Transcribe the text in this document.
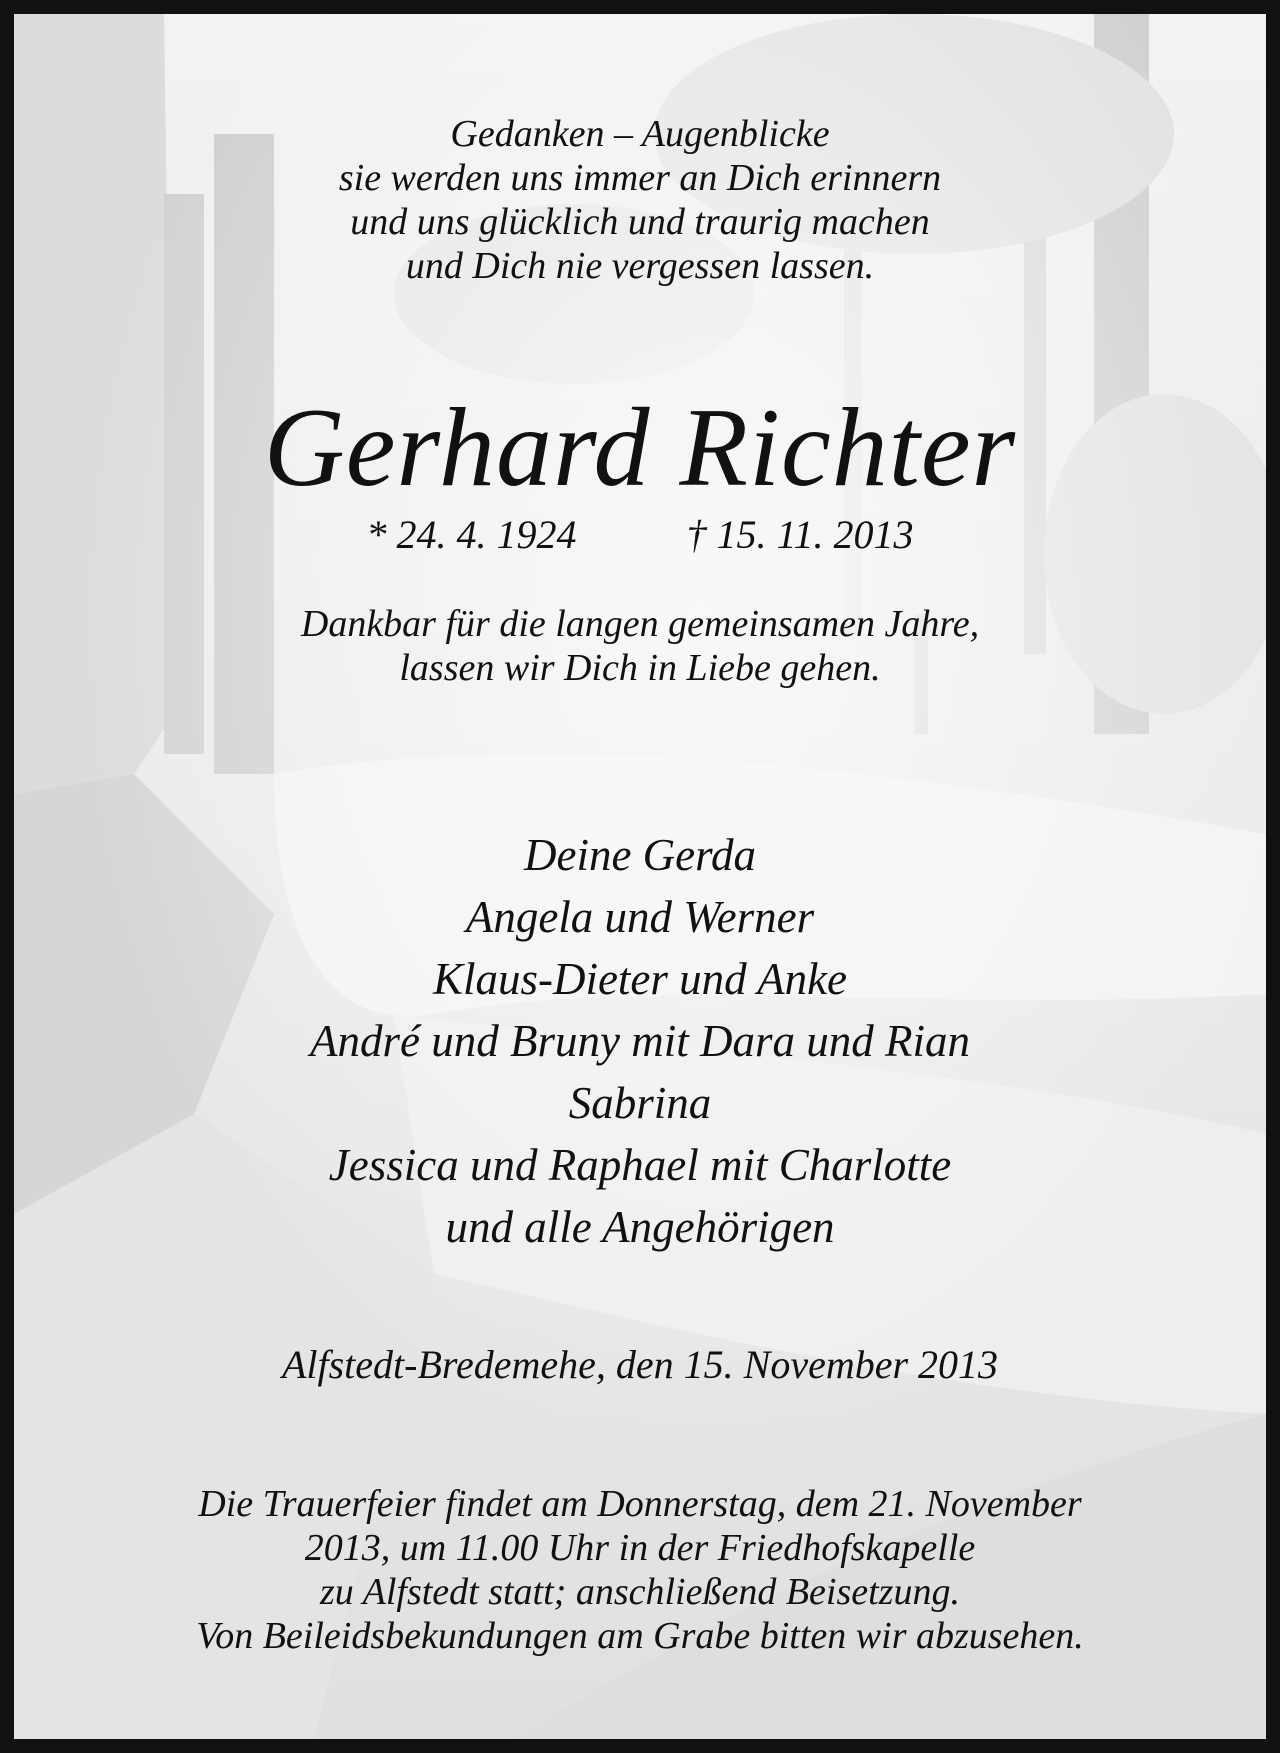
Gedanken – Augenblicke
sie werden uns immer an Dich erinnern
und uns glücklich und traurig machen
und Dich nie vergessen lassen.
Gerhard Richter
* 24. 4. 1924	† 15. 11. 2013
Dankbar für die langen gemeinsamen Jahre,
lassen wir Dich in Liebe gehen.
Deine Gerda
Angela und Werner
Klaus-Dieter und Anke
André und Bruny mit Dara und Rian
Sabrina
Jessica und Raphael mit Charlotte
und alle Angehörigen
Alfstedt-Bredemehe, den 15. November 2013
Die Trauerfeier findet am Donnerstag, dem 21. November
2013, um 11.00 Uhr in der Friedhofskapelle
zu Alfstedt statt; anschließend Beisetzung.
Von Beileidsbekundungen am Grabe bitten wir abzusehen.
